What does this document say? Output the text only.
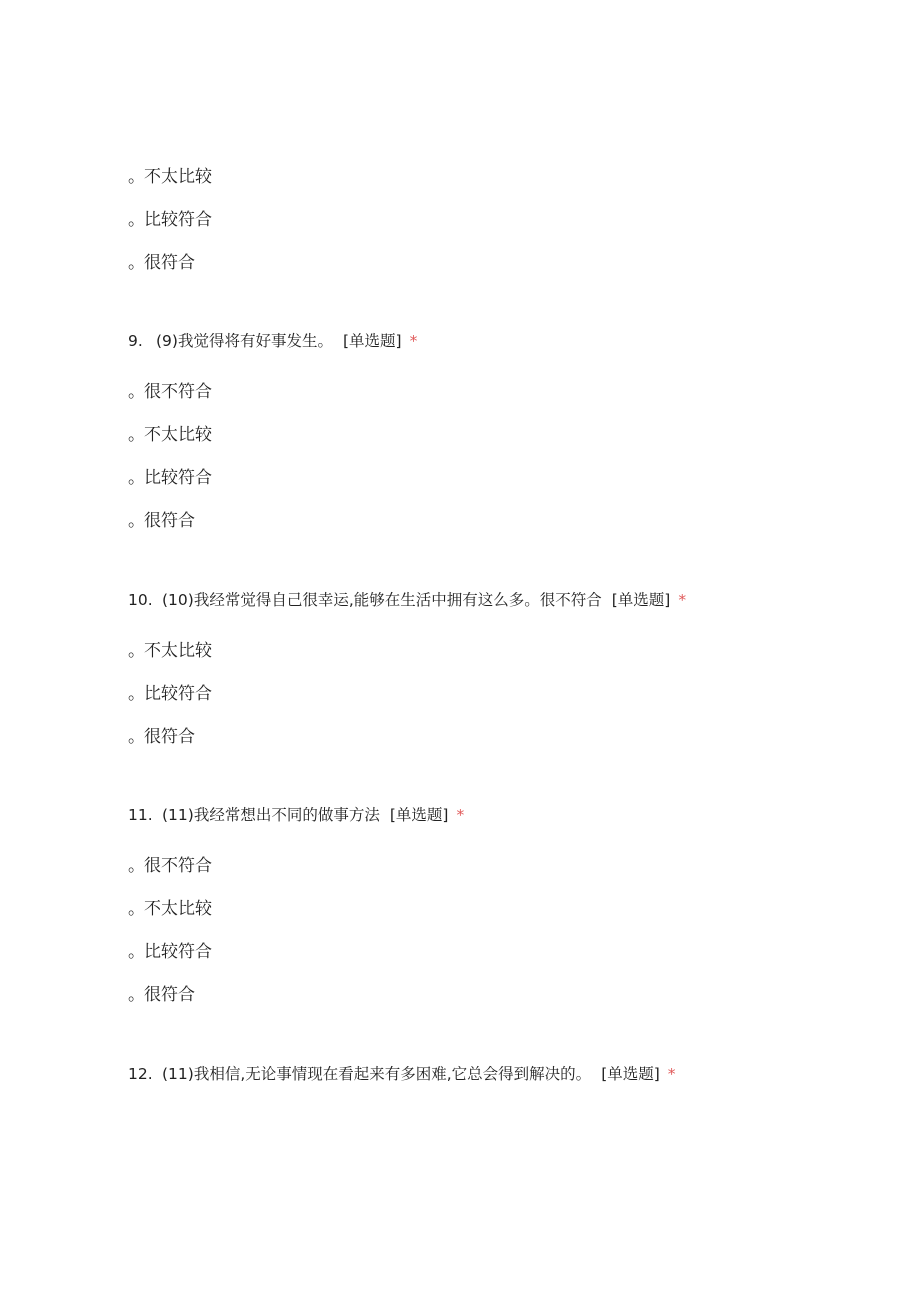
。不太比较
。比较符合
。很符合
9. (9)我觉得将有好事发生。 [单选题] *
。很不符合
。不太比较
。比较符合
。很符合
10. (10)我经常觉得自己很幸运,能够在生活中拥有这么多。很不符合 [单选题] *
。不太比较
。比较符合
。很符合
11. (11)我经常想出不同的做事方法 [单选题] *
。很不符合
。不太比较
。比较符合
。很符合
12. (11)我相信,无论事情现在看起来有多困难,它总会得到解决的。 [单选题] *
